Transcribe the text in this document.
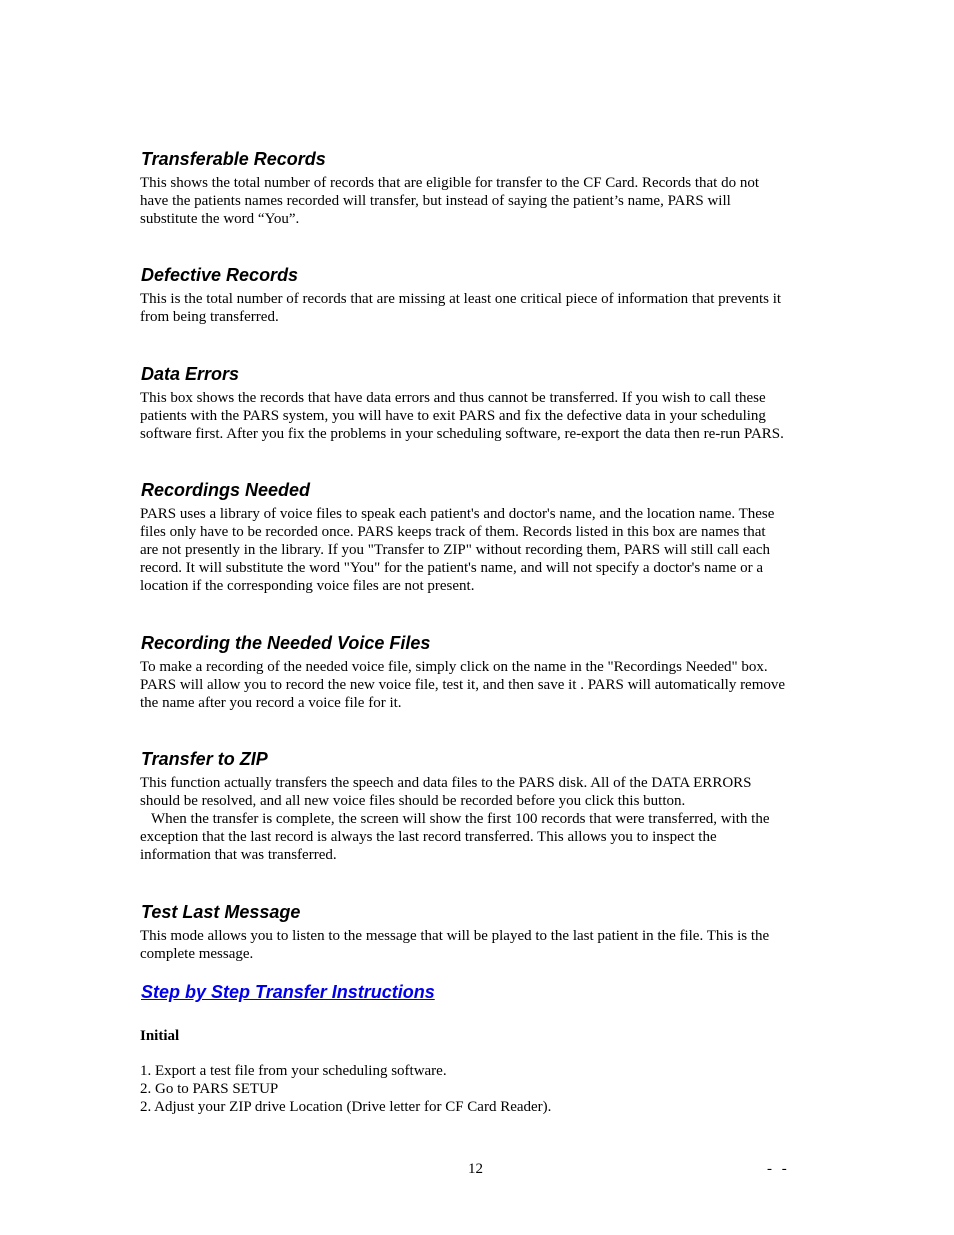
Transferable Records

This shows the total number of records that are eligible for transfer to the CF Card. Records that do not
have the patients names recorded will transfer, but instead of saying the patient’s name, PARS will
substitute the word “You”.

Defective Records

This is the total number of records that are missing at least one critical piece of information that prevents it
from being transferred.

Data Errors

This box shows the records that have data errors and thus cannot be transferred. If you wish to call these
patients with the PARS system, you will have to exit PARS and fix the defective data in your scheduling
software first. After you fix the problems in your scheduling software, re-export the data then re-run PARS.

Recordings Needed

PARS uses a library of voice files to speak each patient's and doctor's name, and the location name. These
files only have to be recorded once. PARS keeps track of them. Records listed in this box are names that
are not presently in the library. If you "Transfer to ZIP" without recording them, PARS will still call each
record. It will substitute the word "You" for the patient's name, and will not specify a doctor's name or a
location if the corresponding voice files are not present.

Recording the Needed Voice Files

To make a recording of the needed voice file, simply click on the name in the "Recordings Needed" box.
PARS will allow you to record the new voice file, test it, and then save it . PARS will automatically remove
the name after you record a voice file for it.

Transfer to ZIP

This function actually transfers the speech and data files to the PARS disk. All of the DATA ERRORS
should be resolved, and all new voice files should be recorded before you click this button.
When the transfer is complete, the screen will show the first 100 records that were transferred, with the
exception that the last record is always the last record transferred. This allows you to inspect the
information that was transferred.

Test Last Message

This mode allows you to listen to the message that will be played to the last patient in the file. This is the
complete message.

Step by Step Transfer Instructions

Initial

1. Export a test file from your scheduling software.
2. Go to PARS SETUP
2. Adjust your ZIP drive Location (Drive letter for CF Card Reader).
12	- -
